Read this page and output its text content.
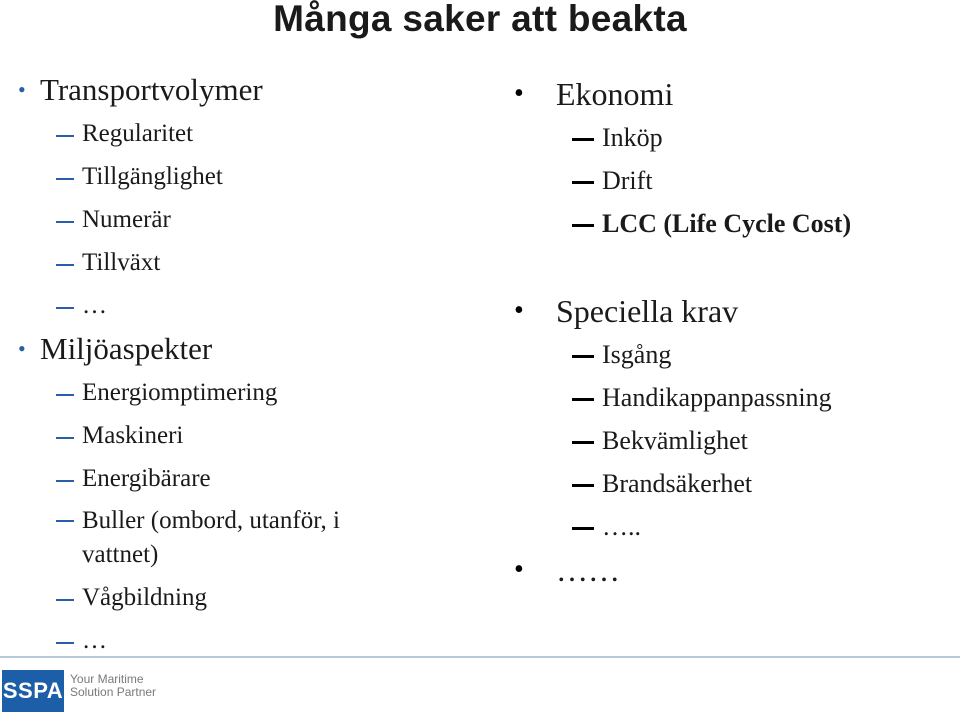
Många saker att beakta
• Transportvolymer
Regularitet
Tillgänglighet
Numerär
Tillväxt
…
• Miljöaspekter
Energiomptimering
Maskineri
Energibärare
Buller (ombord, utanför, i vattnet)
Vågbildning
…
• Ekonomi
Inköp
Drift
LCC (Life Cycle Cost)
• Speciella krav
Isgång
Handikappanpassning
Bekvämlighet
Brandsäkerhet
…..
• ……
SSPA Your Maritime
Solution Partner
